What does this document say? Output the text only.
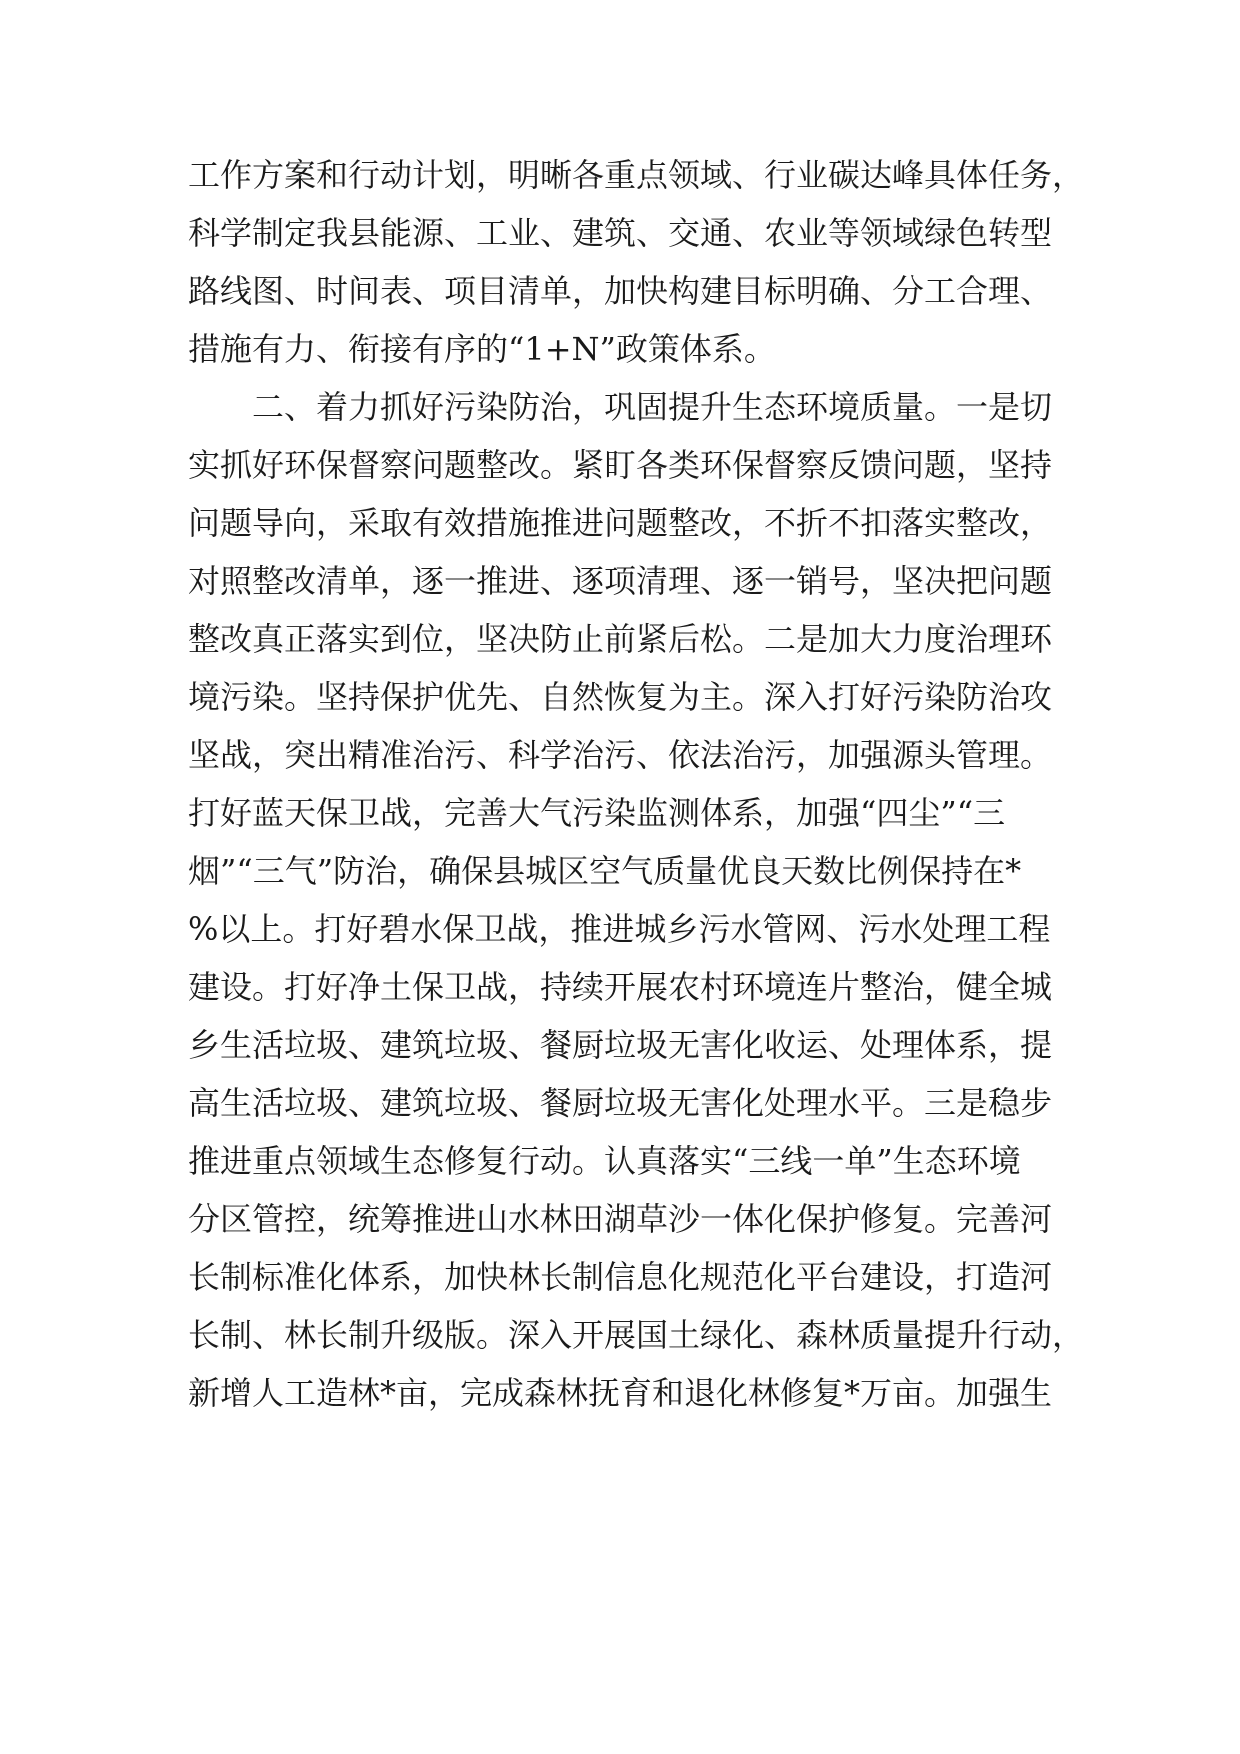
工作方案和行动计划，明晰各重点领域、行业碳达峰具体任务，
科学制定我县能源、工业、建筑、交通、农业等领域绿色转型
路线图、时间表、项目清单，加快构建目标明确、分工合理、
措施有力、衔接有序的“1+N”政策体系。
二、着力抓好污染防治，巩固提升生态环境质量。一是切
实抓好环保督察问题整改。紧盯各类环保督察反馈问题，坚持
问题导向，采取有效措施推进问题整改，不折不扣落实整改，
对照整改清单，逐一推进、逐项清理、逐一销号，坚决把问题
整改真正落实到位，坚决防止前紧后松。二是加大力度治理环
境污染。坚持保护优先、自然恢复为主。深入打好污染防治攻
坚战，突出精准治污、科学治污、依法治污，加强源头管理。
打好蓝天保卫战，完善大气污染监测体系，加强“四尘”“三
烟”“三气”防治，确保县城区空气质量优良天数比例保持在*
%以上。打好碧水保卫战，推进城乡污水管网、污水处理工程
建设。打好净土保卫战，持续开展农村环境连片整治，健全城
乡生活垃圾、建筑垃圾、餐厨垃圾无害化收运、处理体系，提
高生活垃圾、建筑垃圾、餐厨垃圾无害化处理水平。三是稳步
推进重点领域生态修复行动。认真落实“三线一单”生态环境
分区管控，统筹推进山水林田湖草沙一体化保护修复。完善河
长制标准化体系，加快林长制信息化规范化平台建设，打造河
长制、林长制升级版。深入开展国土绿化、森林质量提升行动，
新增人工造林*亩，完成森林抚育和退化林修复*万亩。加强生
